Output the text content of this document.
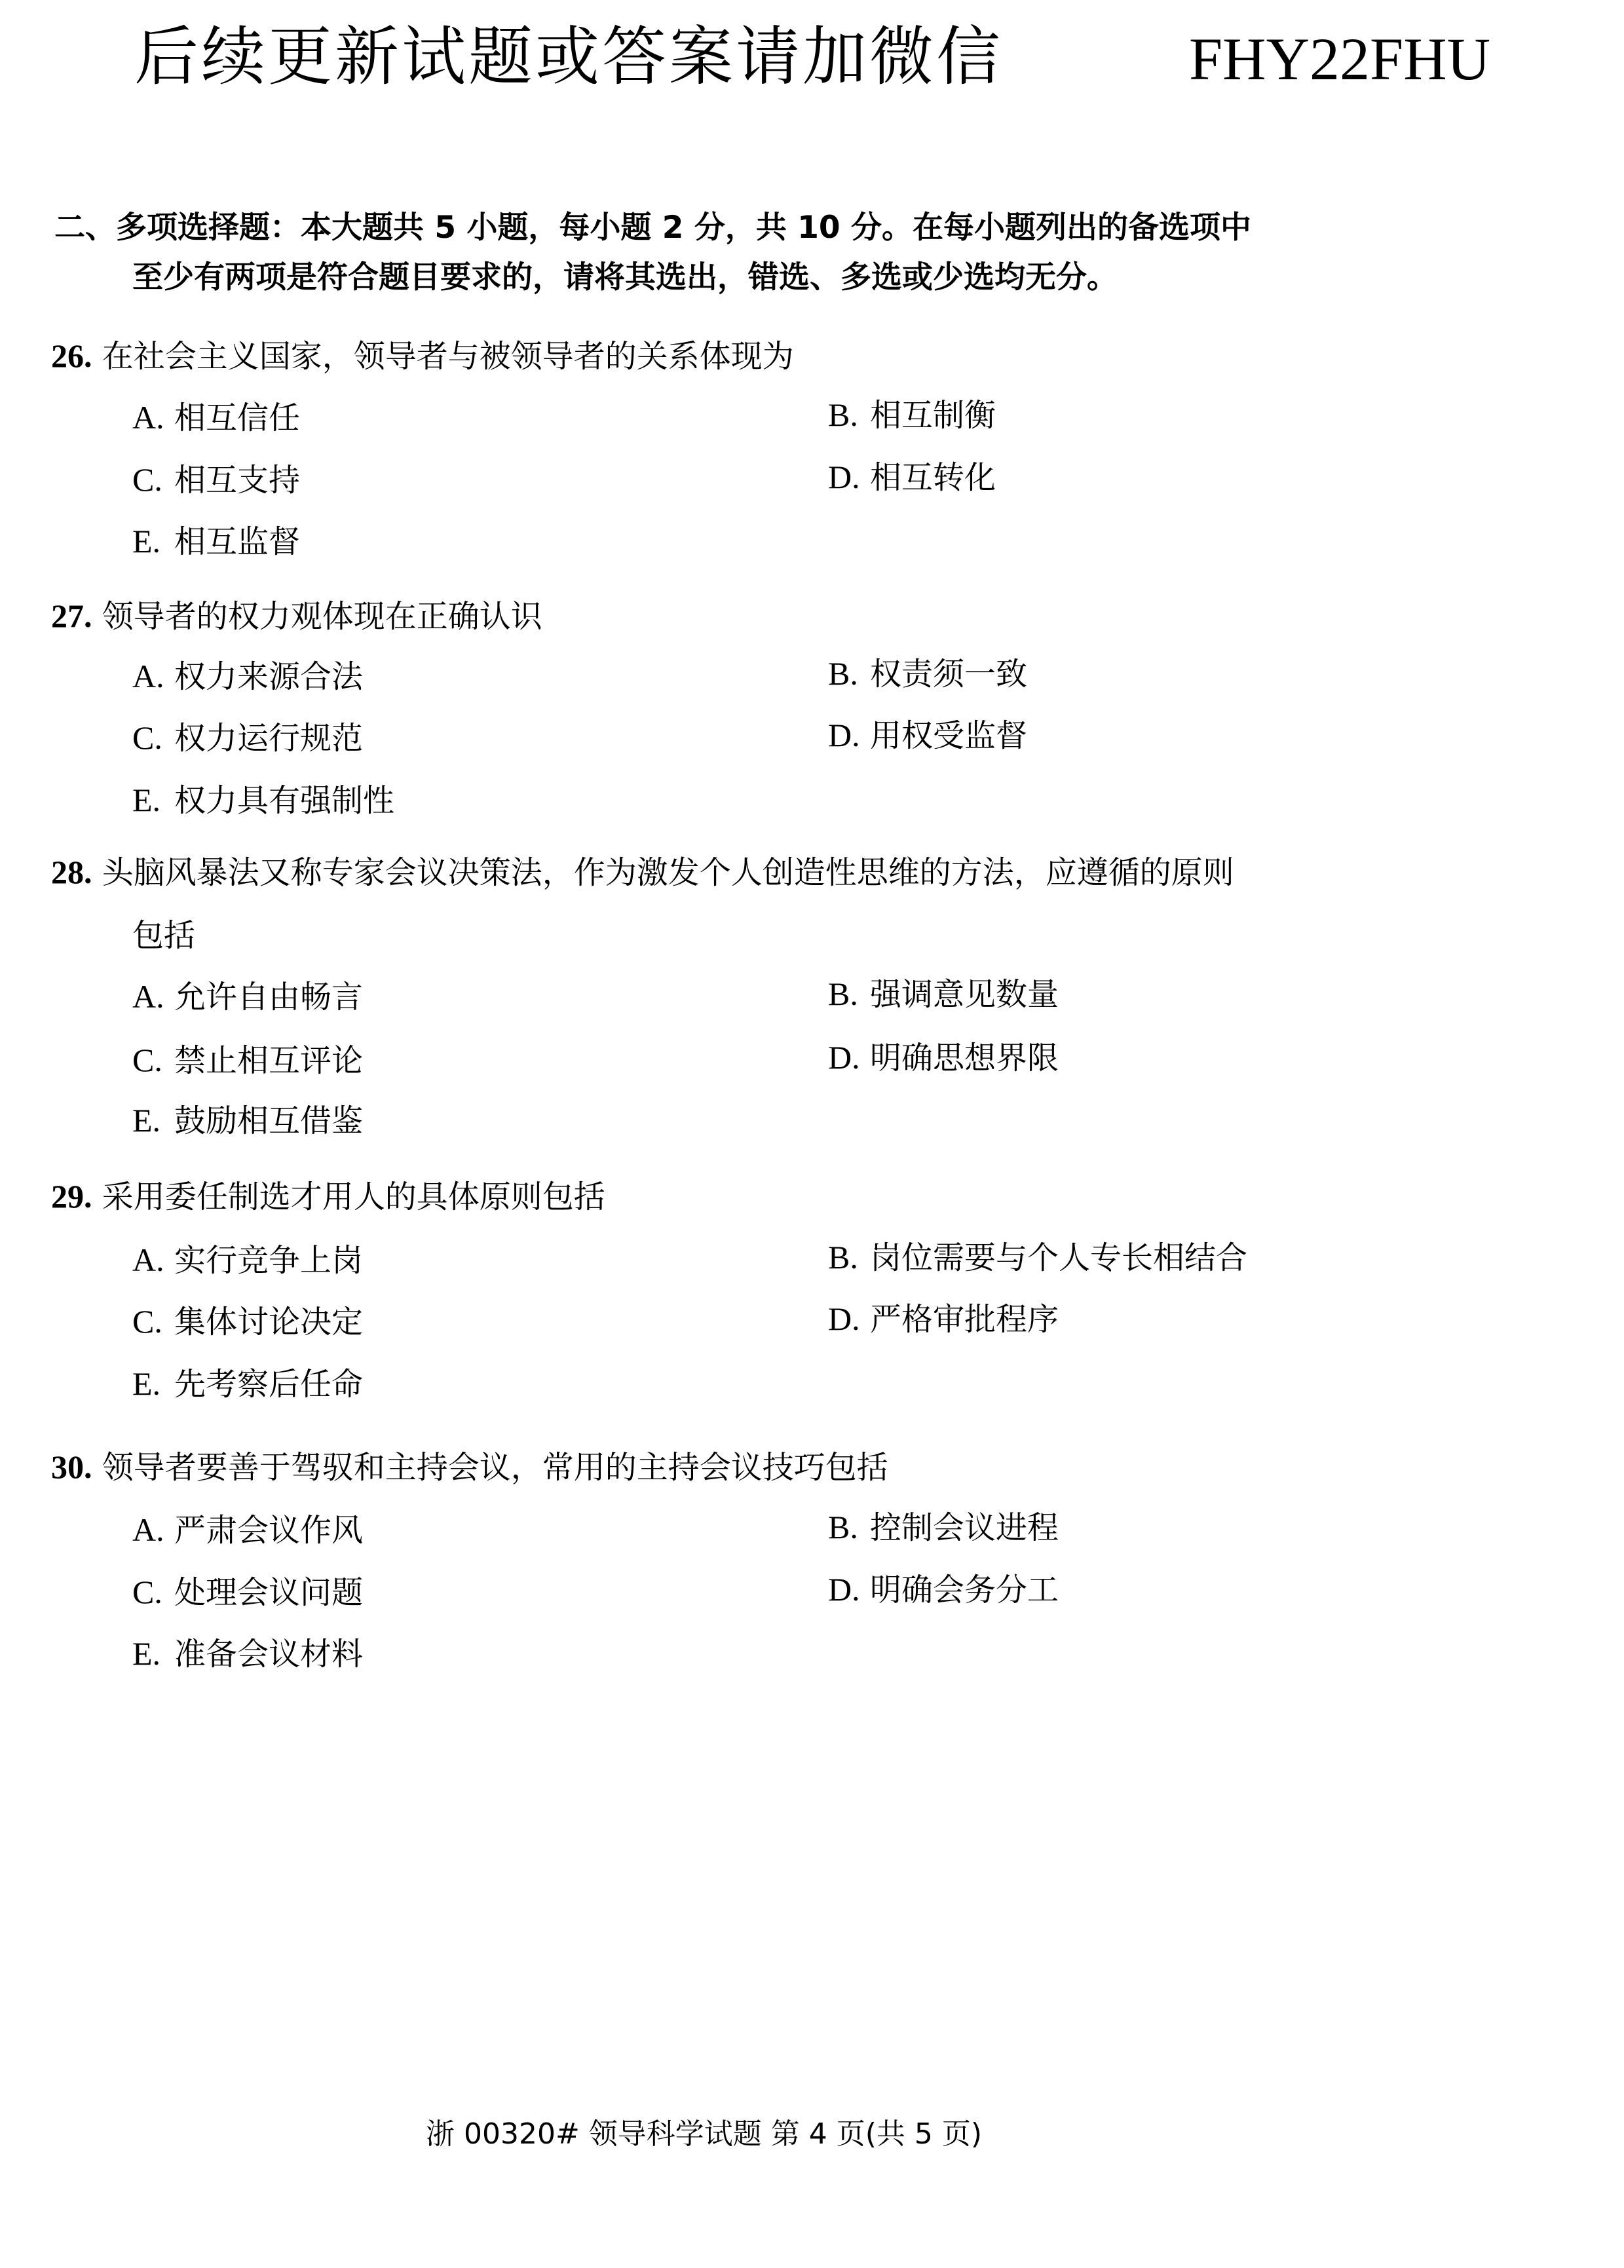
后续更新试题或答案请加微信	FHY22FHU
二、多项选择题：本大题共 5 小题，每小题 2 分，共 10 分。在每小题列出的备选项中
至少有两项是符合题目要求的，请将其选出，错选、多选或少选均无分。
26. 在社会主义国家，领导者与被领导者的关系体现为
A. 相互信任	B. 相互制衡
C. 相互支持	D. 相互转化
E. 相互监督
27. 领导者的权力观体现在正确认识
A. 权力来源合法	B. 权责须一致
C. 权力运行规范	D. 用权受监督
E. 权力具有强制性
28. 头脑风暴法又称专家会议决策法，作为激发个人创造性思维的方法，应遵循的原则
包括
A. 允许自由畅言	B. 强调意见数量
C. 禁止相互评论	D. 明确思想界限
E. 鼓励相互借鉴
29. 采用委任制选才用人的具体原则包括
A. 实行竞争上岗	B. 岗位需要与个人专长相结合
C. 集体讨论决定	D. 严格审批程序
E. 先考察后任命
30. 领导者要善于驾驭和主持会议，常用的主持会议技巧包括
A. 严肃会议作风	B. 控制会议进程
C. 处理会议问题	D. 明确会务分工
E. 准备会议材料
浙 00320# 领导科学试题 第 4 页(共 5 页)
